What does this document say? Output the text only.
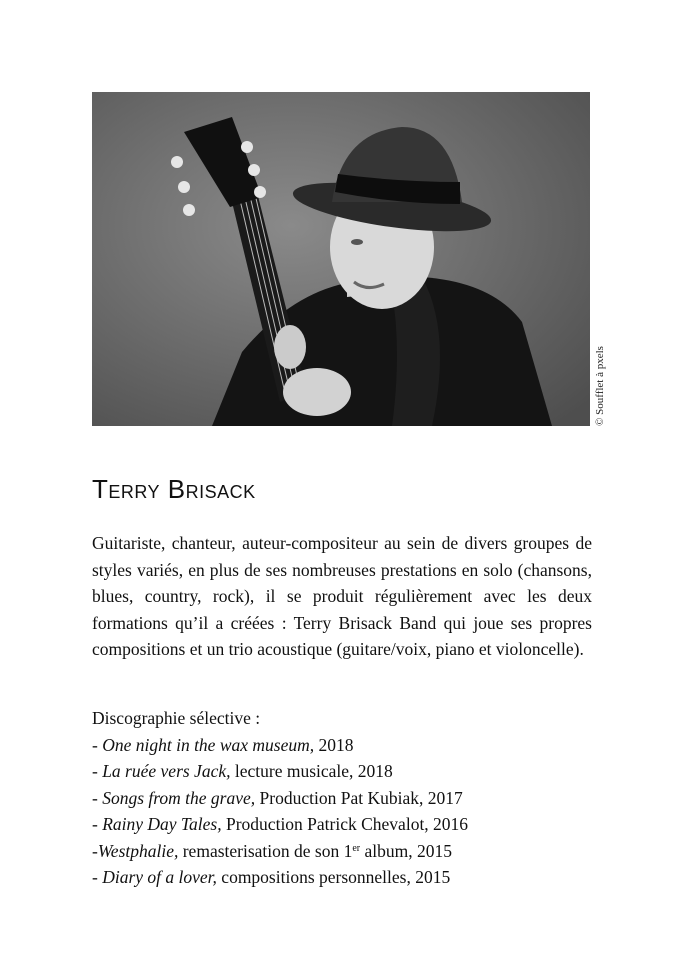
© Soufflet à pxels
Terry Brisack

Guitariste, chanteur, auteur-compositeur au sein de divers groupes de styles variés, en plus de ses nombreuses prestations en solo (chansons, blues, country, rock), il se produit régulièrement avec les deux formations qu’il a créées : Terry Brisack Band qui joue ses propres compositions et un trio acoustique (guitare/voix, piano et violoncelle).

Discographie sélective :
- One night in the wax museum, 2018
- La ruée vers Jack, lecture musicale, 2018
- Songs from the grave, Production Pat Kubiak, 2017
- Rainy Day Tales, Production Patrick Chevalot, 2016
-Westphalie, remasterisation de son 1er album, 2015
- Diary of a lover, compositions personnelles, 2015
